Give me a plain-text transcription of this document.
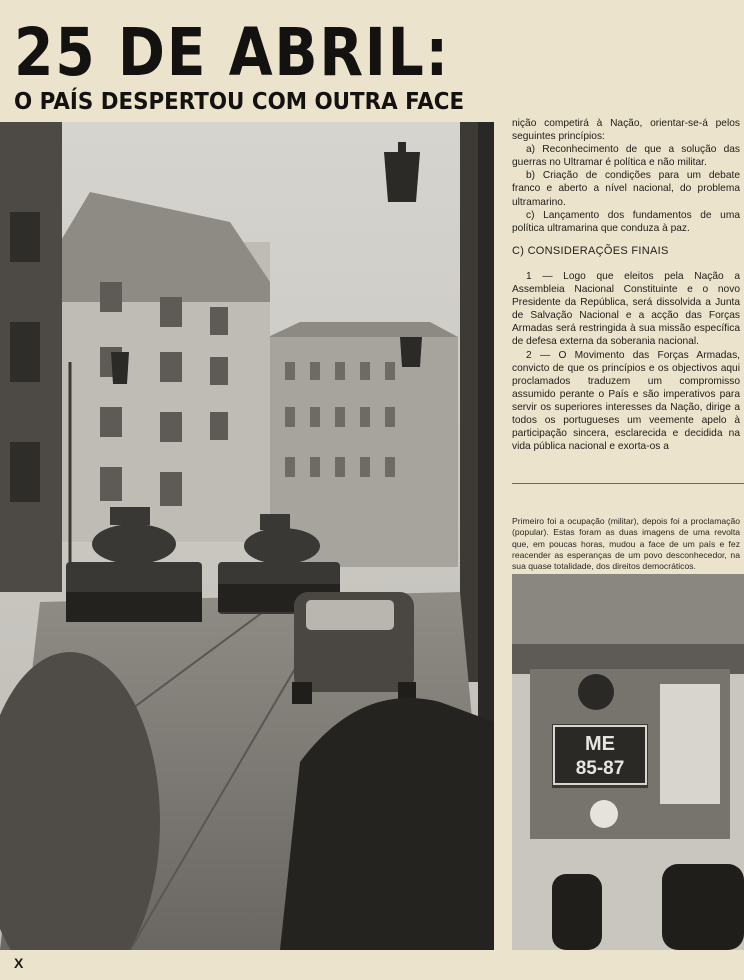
25 DE ABRIL:
O PAÍS DESPERTOU COM OUTRA FACE

nição competirá à Nação, orientar-se-á pelos seguintes princípios:

a) Reconhecimento de que a solução das guerras no Ultramar é política e não militar.

b) Criação de condições para um debate franco e aberto a nível nacional, do problema ultramarino.

c) Lançamento dos fundamentos de uma política ultramarina que conduza à paz.

C) CONSIDERAÇÕES FINAIS

1 — Logo que eleitos pela Nação a Assembleia Nacional Constituinte e o novo Presidente da República, será dissolvida a Junta de Salvação Nacional e a acção das Forças Armadas será restringida à sua missão específica de defesa externa da soberania nacional.

2 — O Movimento das Forças Armadas, convicto de que os princípios e os objectivos aqui proclamados traduzem um compromisso assumido perante o País e são imperativos para servir os superiores interesses da Nação, dirige a todos os portugueses um veemente apelo à participação sincera, esclarecida e decidida na vida pública nacional e exorta-os a

Primeiro foi a ocupação (militar), depois foi a proclamação (popular). Estas foram as duas imagens de uma revolta que, em poucas horas, mudou a face de um país e fez reacender as esperanças de um povo desconhecedor, na sua quase totalidade, dos direitos democráticos.
ME
85-87
X
